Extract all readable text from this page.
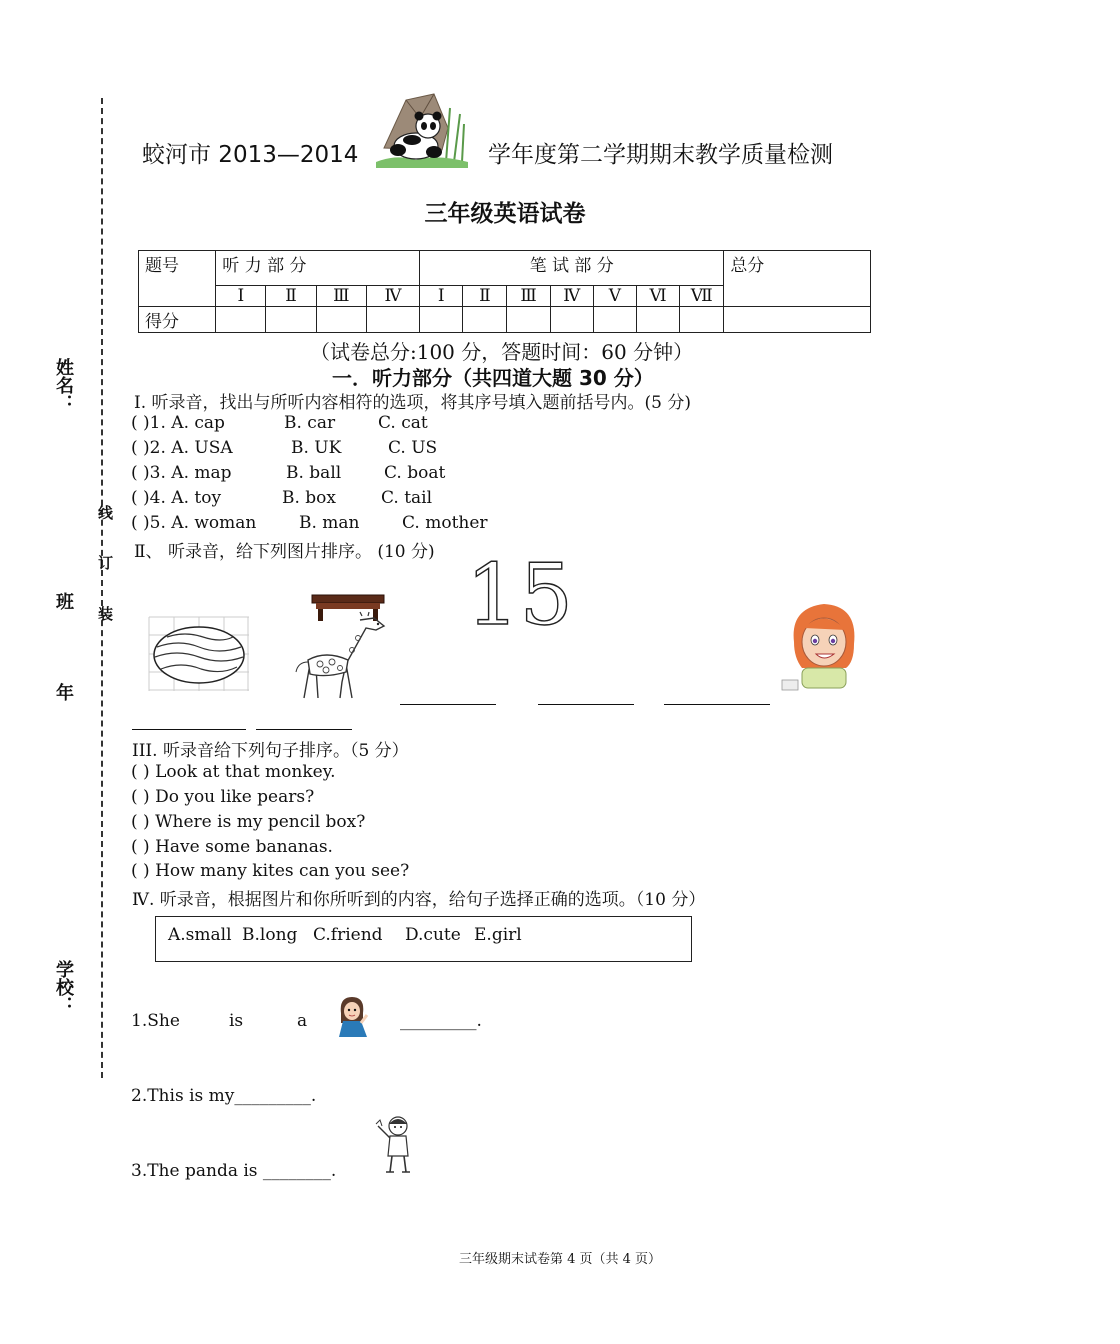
姓名：
班
年
学校：
线
订
装
蛟河市 2013—2014	学年度第二学期期末教学质量检测
三年级英语试卷
题号	听 力 部 分				笔 试 部 分							总分
	Ⅰ	Ⅱ	Ⅲ	Ⅳ	Ⅰ	Ⅱ	Ⅲ	Ⅳ	Ⅴ	Ⅵ	Ⅶ	
得分												
（试卷总分:100 分，答题时间：60 分钟）
一．听力部分（共四道大题 30 分）
Ⅰ. 听录音，找出与所听内容相符的选项，将其序号填入题前括号内。(5 分)
( )1. A. cap	B. car	C. cat
( )2. A. USA	B. UK	C. US
( )3. A. map	B. ball	C. boat
( )4. A. toy	B. box	C. tail
( )5. A. woman	B. man C. mother
Ⅱ、 听录音，给下列图片排序。 (10 分) 15
III. 听录音给下列句子排序。（5 分）
( ) Look at that monkey.
( ) Do you like pears?
( ) Where is my pencil box?
( ) Have some bananas.
( ) How many kites can you see?
Ⅳ. 听录音，根据图片和你所听到的内容，给句子选择正确的选项。（10 分）
A.small B.long C.friend D.cute E.girl
1.She	is	a	_________.
2.This is my_________.
3.The panda is ________.
三年级期末试卷第 4 页（共 4 页）
